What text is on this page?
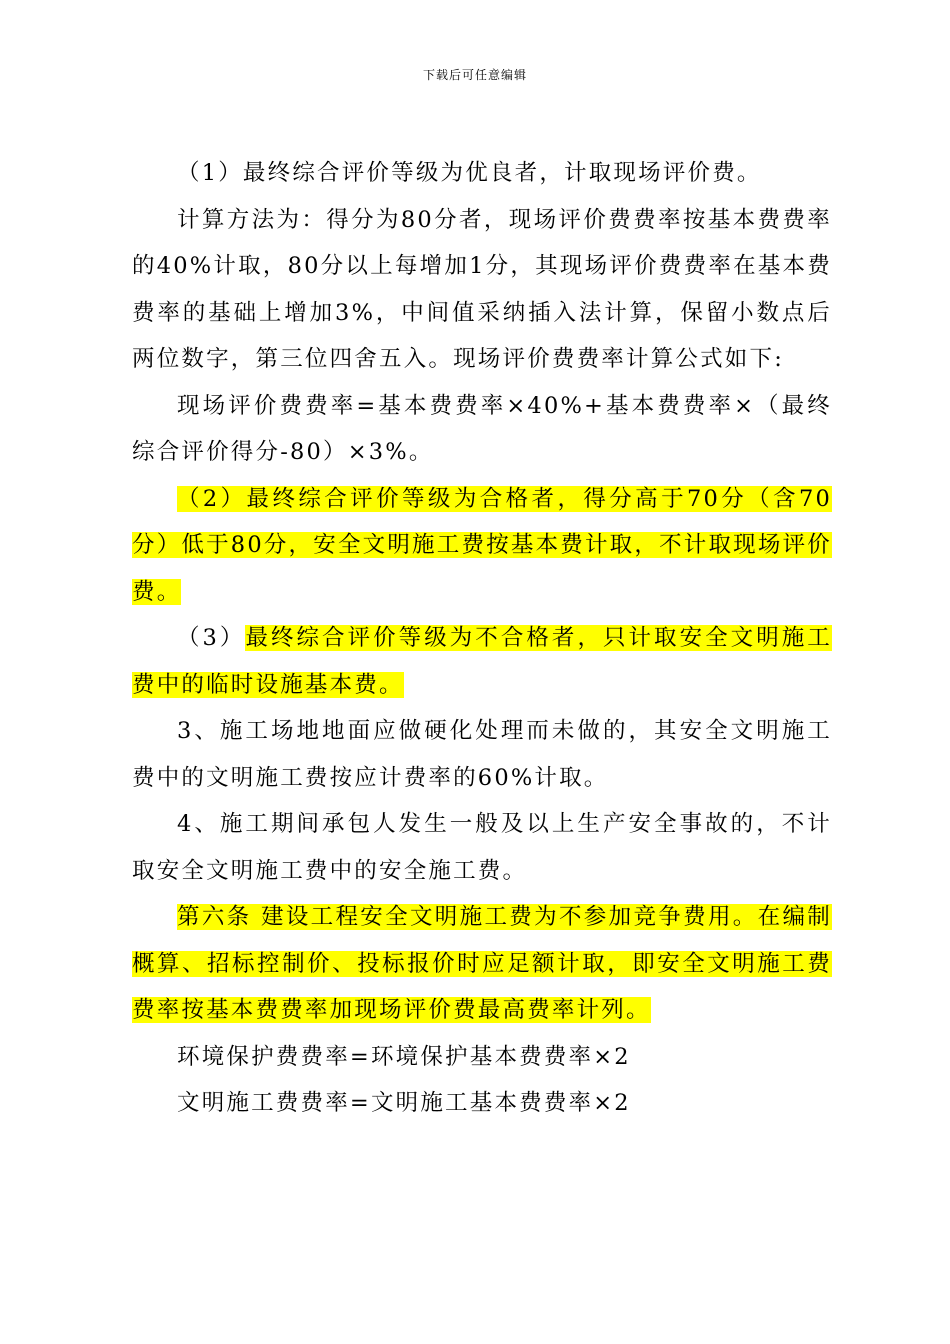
下载后可任意编辑

（1）最终综合评价等级为优良者，计取现场评价费。

计算方法为：得分为80分者，现场评价费费率按基本费费率的40%计取，80分以上每增加1分，其现场评价费费率在基本费费率的基础上增加3%，中间值采纳插入法计算，保留小数点后两位数字，第三位四舍五入。现场评价费费率计算公式如下:

现场评价费费率=基本费费率×40%+基本费费率×（最终综合评价得分-80）×3%。

（2）最终综合评价等级为合格者，得分高于70分（含70分）低于80分，安全文明施工费按基本费计取，不计取现场评价费。

（3）最终综合评价等级为不合格者，只计取安全文明施工费中的临时设施基本费。

3、施工场地地面应做硬化处理而未做的，其安全文明施工费中的文明施工费按应计费率的60%计取。

4、施工期间承包人发生一般及以上生产安全事故的，不计取安全文明施工费中的安全施工费。

第六条 建设工程安全文明施工费为不参加竞争费用。在编制概算、招标控制价、投标报价时应足额计取，即安全文明施工费费率按基本费费率加现场评价费最高费率计列。

环境保护费费率=环境保护基本费费率×2

文明施工费费率=文明施工基本费费率×2
